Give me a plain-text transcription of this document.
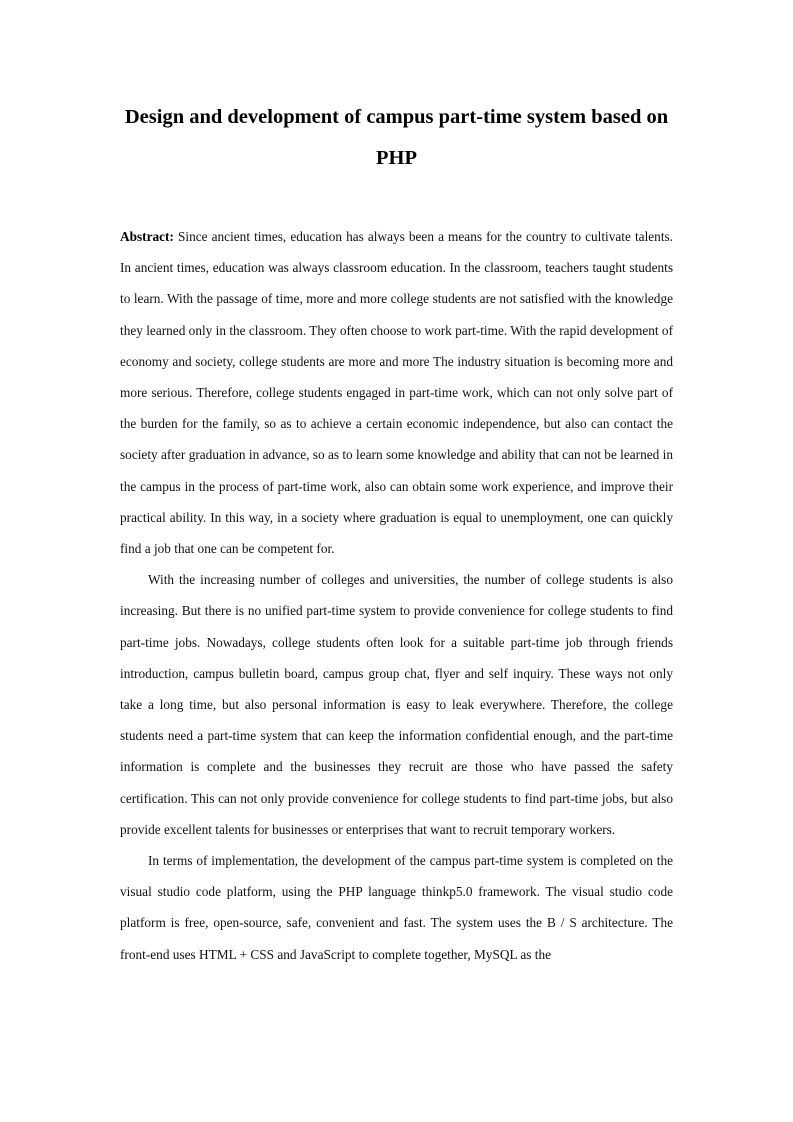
Design and development of campus part-time system based on PHP

Abstract: Since ancient times, education has always been a means for the country to cultivate talents. In ancient times, education was always classroom education. In the classroom, teachers taught students to learn. With the passage of time, more and more college students are not satisfied with the knowledge they learned only in the classroom. They often choose to work part-time. With the rapid development of economy and society, college students are more and more The industry situation is becoming more and more serious. Therefore, college students engaged in part-time work, which can not only solve part of the burden for the family, so as to achieve a certain economic independence, but also can contact the society after graduation in advance, so as to learn some knowledge and ability that can not be learned in the campus in the process of part-time work, also can obtain some work experience, and improve their practical ability. In this way, in a society where graduation is equal to unemployment, one can quickly find a job that one can be competent for.

With the increasing number of colleges and universities, the number of college students is also increasing. But there is no unified part-time system to provide convenience for college students to find part-time jobs. Nowadays, college students often look for a suitable part-time job through friends introduction, campus bulletin board, campus group chat, flyer and self inquiry. These ways not only take a long time, but also personal information is easy to leak everywhere. Therefore, the college students need a part-time system that can keep the information confidential enough, and the part-time information is complete and the businesses they recruit are those who have passed the safety certification. This can not only provide convenience for college students to find part-time jobs, but also provide excellent talents for businesses or enterprises that want to recruit temporary workers.

In terms of implementation, the development of the campus part-time system is completed on the visual studio code platform, using the PHP language thinkp5.0 framework. The visual studio code platform is free, open-source, safe, convenient and fast. The system uses the B / S architecture. The front-end uses HTML + CSS and JavaScript to complete together, MySQL as the
